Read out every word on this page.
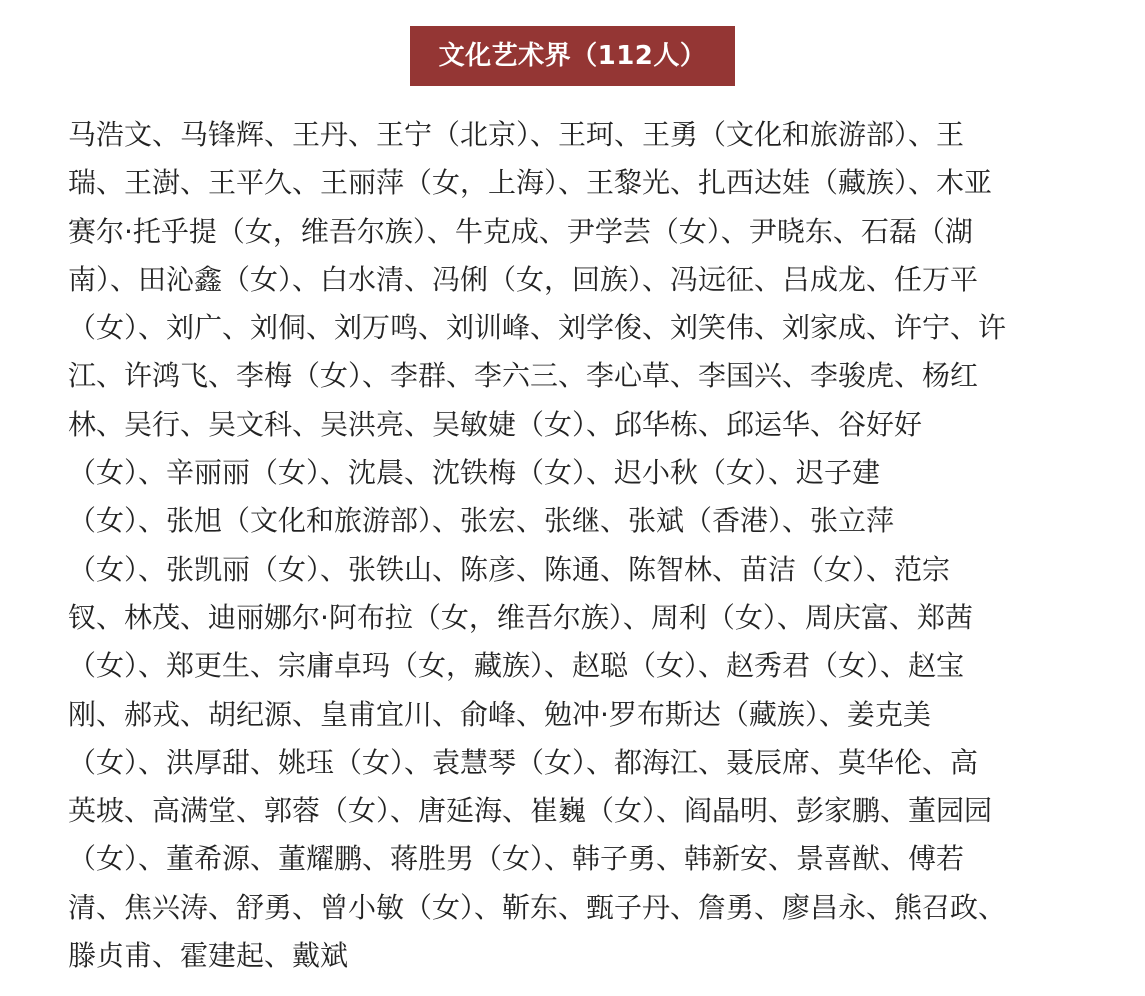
文化艺术界（112人）
马浩文、马锋辉、王丹、王宁（北京）、王珂、王勇（文化和旅游部）、王
瑞、王澍、王平久、王丽萍（女，上海）、王黎光、扎西达娃（藏族）、木亚
赛尔·托乎提（女，维吾尔族）、牛克成、尹学芸（女）、尹晓东、石磊（湖
南）、田沁鑫（女）、白水清、冯俐（女，回族）、冯远征、吕成龙、任万平
（女）、刘广、刘侗、刘万鸣、刘训峰、刘学俊、刘笑伟、刘家成、许宁、许
江、许鸿飞、李梅（女）、李群、李六三、李心草、李国兴、李骏虎、杨红
林、吴行、吴文科、吴洪亮、吴敏婕（女）、邱华栋、邱运华、谷好好
（女）、辛丽丽（女）、沈晨、沈铁梅（女）、迟小秋（女）、迟子建
（女）、张旭（文化和旅游部）、张宏、张继、张斌（香港）、张立萍
（女）、张凯丽（女）、张铁山、陈彦、陈通、陈智林、苗洁（女）、范宗
钗、林茂、迪丽娜尔·阿布拉（女，维吾尔族）、周利（女）、周庆富、郑茜
（女）、郑更生、宗庸卓玛（女，藏族）、赵聪（女）、赵秀君（女）、赵宝
刚、郝戎、胡纪源、皇甫宜川、俞峰、勉冲·罗布斯达（藏族）、姜克美
（女）、洪厚甜、姚珏（女）、袁慧琴（女）、都海江、聂辰席、莫华伦、高
英坡、高满堂、郭蓉（女）、唐延海、崔巍（女）、阎晶明、彭家鹏、董园园
（女）、董希源、董耀鹏、蒋胜男（女）、韩子勇、韩新安、景喜猷、傅若
清、焦兴涛、舒勇、曾小敏（女）、靳东、甄子丹、詹勇、廖昌永、熊召政、
滕贞甫、霍建起、戴斌
